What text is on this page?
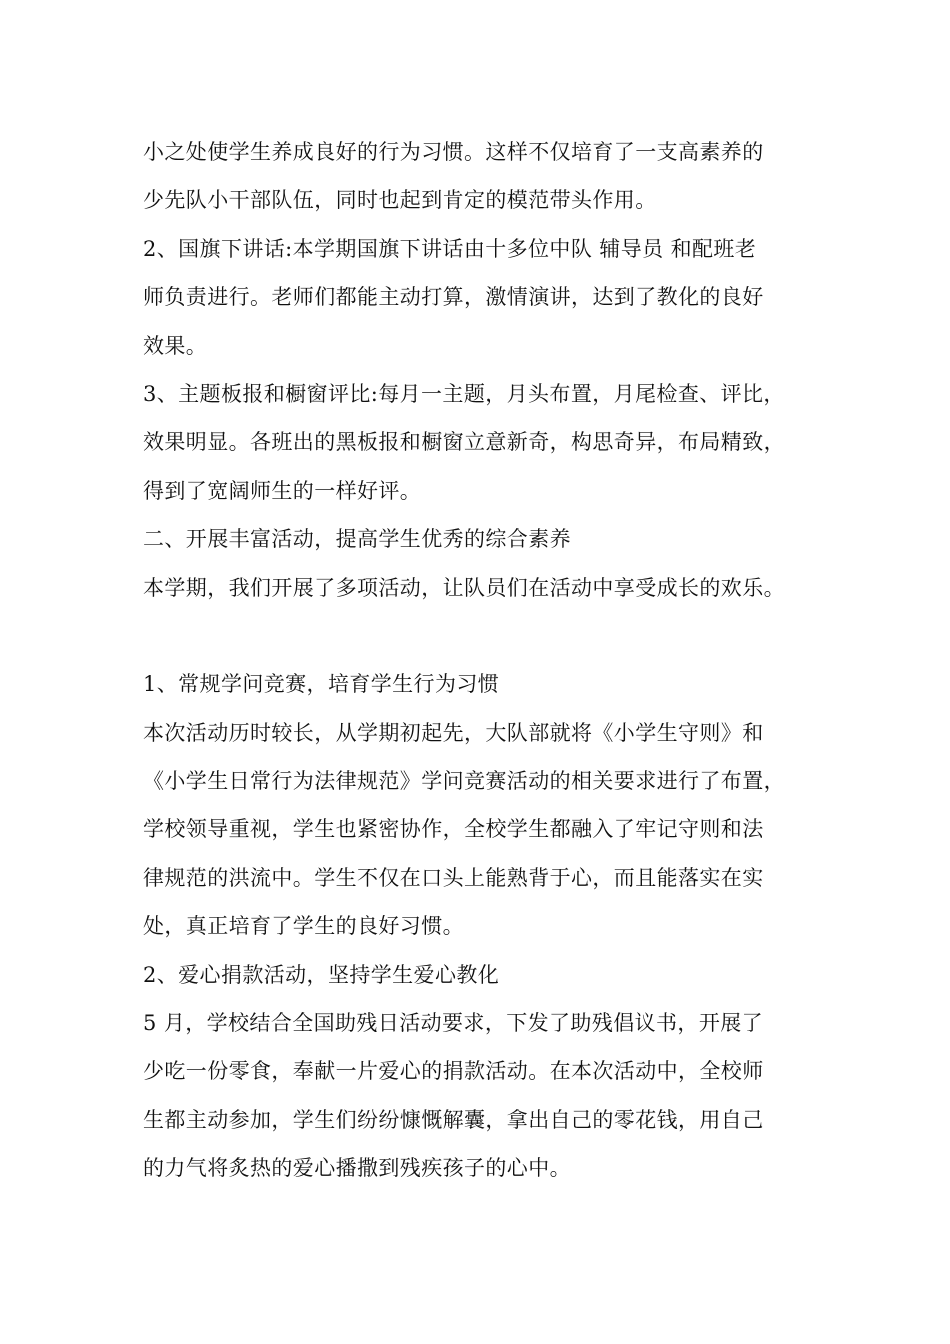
小之处使学生养成良好的行为习惯。这样不仅培育了一支高素养的
少先队小干部队伍，同时也起到肯定的模范带头作用。
2、国旗下讲话:本学期国旗下讲话由十多位中队 辅导员 和配班老
师负责进行。老师们都能主动打算，激情演讲，达到了教化的良好
效果。
3、主题板报和橱窗评比:每月一主题，月头布置，月尾检查、评比，
效果明显。各班出的黑板报和橱窗立意新奇，构思奇异，布局精致，
得到了宽阔师生的一样好评。
二、开展丰富活动，提高学生优秀的综合素养
本学期，我们开展了多项活动，让队员们在活动中享受成长的欢乐。
1、常规学问竞赛，培育学生行为习惯
本次活动历时较长，从学期初起先，大队部就将《小学生守则》和
《小学生日常行为法律规范》学问竞赛活动的相关要求进行了布置，
学校领导重视，学生也紧密协作，全校学生都融入了牢记守则和法
律规范的洪流中。学生不仅在口头上能熟背于心，而且能落实在实
处，真正培育了学生的良好习惯。
2、爱心捐款活动，坚持学生爱心教化
5 月，学校结合全国助残日活动要求，下发了助残倡议书，开展了
少吃一份零食，奉献一片爱心的捐款活动。在本次活动中，全校师
生都主动参加，学生们纷纷慷慨解囊，拿出自己的零花钱，用自己
的力气将炙热的爱心播撒到残疾孩子的心中。
